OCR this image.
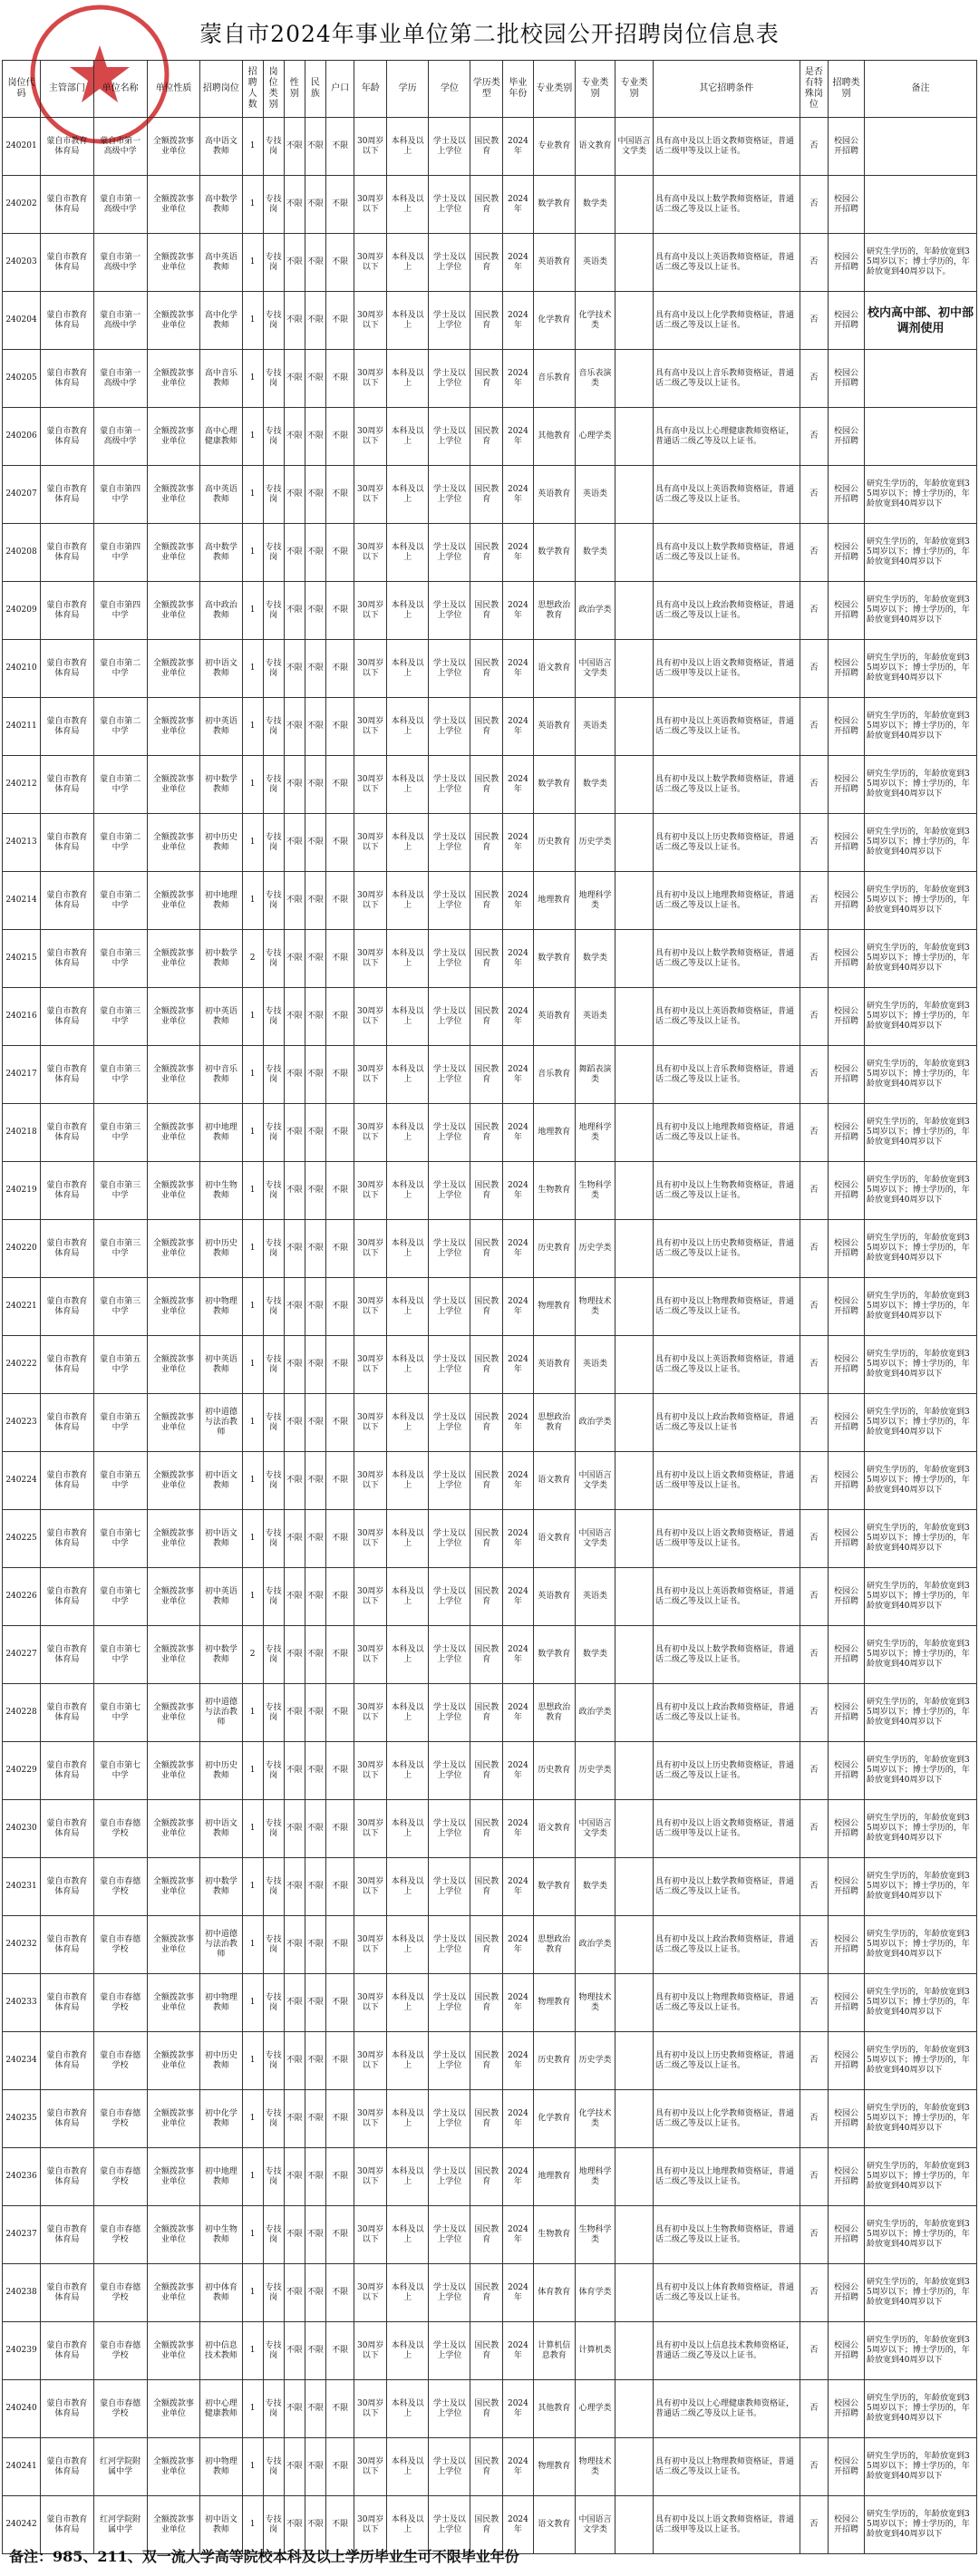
蒙自市2024年事业单位第二批校园公开招聘岗位信息表
岗位代码	主管部门	单位名称	单位性质	招聘岗位	招聘人数	岗位类别	性别	民族	户口	年龄	学历	学位	学历类型	毕业年份	专业类别	专业类别	专业类别	其它招聘条件	是否有特殊岗位	招聘类别	备注
240201	蒙自市教育体育局	蒙自市第一高级中学	全额拨款事业单位	高中语文教师	1	专技岗	不限	不限	不限	30周岁以下	本科及以上	学士及以上学位	国民教育	2024年	专业教育	语文教育	中国语言文学类	具有高中及以上语文教师资格证，普通话二级甲等及以上证书。	否	校园公开招聘	
240202	蒙自市教育体育局	蒙自市第一高级中学	全额拨款事业单位	高中数学教师	1	专技岗	不限	不限	不限	30周岁以下	本科及以上	学士及以上学位	国民教育	2024年	数学教育	数学类		具有高中及以上数学教师资格证，普通话二级乙等及以上证书。	否	校园公开招聘	
240203	蒙自市教育体育局	蒙自市第一高级中学	全额拨款事业单位	高中英语教师	1	专技岗	不限	不限	不限	30周岁以下	本科及以上	学士及以上学位	国民教育	2024年	英语教育	英语类		具有高中及以上英语教师资格证，普通话二级乙等及以上证书。	否	校园公开招聘	研究生学历的，年龄放宽到35周岁以下；博士学历的，年龄放宽到40周岁以下。
240204	蒙自市教育体育局	蒙自市第一高级中学	全额拨款事业单位	高中化学教师	1	专技岗	不限	不限	不限	30周岁以下	本科及以上	学士及以上学位	国民教育	2024年	化学教育	化学技术类		具有高中及以上化学教师资格证，普通话二级乙等及以上证书。	否	校园公开招聘	校内高中部、初中部调剂使用
240205	蒙自市教育体育局	蒙自市第一高级中学	全额拨款事业单位	高中音乐教师	1	专技岗	不限	不限	不限	30周岁以下	本科及以上	学士及以上学位	国民教育	2024年	音乐教育	音乐表演类		具有高中及以上音乐教师资格证，普通话二级乙等及以上证书。	否	校园公开招聘	
240206	蒙自市教育体育局	蒙自市第一高级中学	全额拨款事业单位	高中心理健康教师	1	专技岗	不限	不限	不限	30周岁以下	本科及以上	学士及以上学位	国民教育	2024年	其他教育	心理学类		具有高中及以上心理健康教师资格证，普通话二级乙等及以上证书。	否	校园公开招聘	
240207	蒙自市教育体育局	蒙自市第四中学	全额拨款事业单位	高中英语教师	1	专技岗	不限	不限	不限	30周岁以下	本科及以上	学士及以上学位	国民教育	2024年	英语教育	英语类		具有高中及以上英语教师资格证，普通话二级乙等及以上证书。	否	校园公开招聘	研究生学历的，年龄放宽到35周岁以下；博士学历的，年龄放宽到40周岁以下
240208	蒙自市教育体育局	蒙自市第四中学	全额拨款事业单位	高中数学教师	1	专技岗	不限	不限	不限	30周岁以下	本科及以上	学士及以上学位	国民教育	2024年	数学教育	数学类		具有高中及以上数学教师资格证，普通话二级乙等及以上证书。	否	校园公开招聘	研究生学历的，年龄放宽到35周岁以下；博士学历的，年龄放宽到40周岁以下
240209	蒙自市教育体育局	蒙自市第四中学	全额拨款事业单位	高中政治教师	1	专技岗	不限	不限	不限	30周岁以下	本科及以上	学士及以上学位	国民教育	2024年	思想政治教育	政治学类		具有高中及以上政治教师资格证，普通话二级乙等及以上证书。	否	校园公开招聘	研究生学历的，年龄放宽到35周岁以下；博士学历的，年龄放宽到40周岁以下
240210	蒙自市教育体育局	蒙自市第二中学	全额拨款事业单位	初中语文教师	1	专技岗	不限	不限	不限	30周岁以下	本科及以上	学士及以上学位	国民教育	2024年	语文教育	中国语言文学类		具有初中及以上语文教师资格证，普通话二级甲等及以上证书。	否	校园公开招聘	研究生学历的，年龄放宽到35周岁以下；博士学历的，年龄放宽到40周岁以下
240211	蒙自市教育体育局	蒙自市第二中学	全额拨款事业单位	初中英语教师	1	专技岗	不限	不限	不限	30周岁以下	本科及以上	学士及以上学位	国民教育	2024年	英语教育	英语类		具有初中及以上英语教师资格证，普通话二级乙等及以上证书。	否	校园公开招聘	研究生学历的，年龄放宽到35周岁以下；博士学历的，年龄放宽到40周岁以下
240212	蒙自市教育体育局	蒙自市第二中学	全额拨款事业单位	初中数学教师	1	专技岗	不限	不限	不限	30周岁以下	本科及以上	学士及以上学位	国民教育	2024年	数学教育	数学类		具有初中及以上数学教师资格证，普通话二级乙等及以上证书。	否	校园公开招聘	研究生学历的，年龄放宽到35周岁以下；博士学历的，年龄放宽到40周岁以下
240213	蒙自市教育体育局	蒙自市第二中学	全额拨款事业单位	初中历史教师	1	专技岗	不限	不限	不限	30周岁以下	本科及以上	学士及以上学位	国民教育	2024年	历史教育	历史学类		具有初中及以上历史教师资格证，普通话二级乙等及以上证书。	否	校园公开招聘	研究生学历的，年龄放宽到35周岁以下；博士学历的，年龄放宽到40周岁以下
240214	蒙自市教育体育局	蒙自市第二中学	全额拨款事业单位	初中地理教师	1	专技岗	不限	不限	不限	30周岁以下	本科及以上	学士及以上学位	国民教育	2024年	地理教育	地理科学类		具有初中及以上地理教师资格证，普通话二级乙等及以上证书。	否	校园公开招聘	研究生学历的，年龄放宽到35周岁以下；博士学历的，年龄放宽到40周岁以下
240215	蒙自市教育体育局	蒙自市第三中学	全额拨款事业单位	初中数学教师	2	专技岗	不限	不限	不限	30周岁以下	本科及以上	学士及以上学位	国民教育	2024年	数学教育	数学类		具有初中及以上数学教师资格证，普通话二级乙等及以上证书。	否	校园公开招聘	研究生学历的，年龄放宽到35周岁以下；博士学历的，年龄放宽到40周岁以下
240216	蒙自市教育体育局	蒙自市第三中学	全额拨款事业单位	初中英语教师	1	专技岗	不限	不限	不限	30周岁以下	本科及以上	学士及以上学位	国民教育	2024年	英语教育	英语类		具有初中及以上英语教师资格证，普通话二级乙等及以上证书。	否	校园公开招聘	研究生学历的，年龄放宽到35周岁以下；博士学历的，年龄放宽到40周岁以下
240217	蒙自市教育体育局	蒙自市第三中学	全额拨款事业单位	初中音乐教师	1	专技岗	不限	不限	不限	30周岁以下	本科及以上	学士及以上学位	国民教育	2024年	音乐教育	舞蹈表演类		具有初中及以上音乐教师资格证，普通话二级乙等及以上证书。	否	校园公开招聘	研究生学历的，年龄放宽到35周岁以下；博士学历的，年龄放宽到40周岁以下
240218	蒙自市教育体育局	蒙自市第三中学	全额拨款事业单位	初中地理教师	1	专技岗	不限	不限	不限	30周岁以下	本科及以上	学士及以上学位	国民教育	2024年	地理教育	地理科学类		具有初中及以上地理教师资格证，普通话二级乙等及以上证书。	否	校园公开招聘	研究生学历的，年龄放宽到35周岁以下；博士学历的，年龄放宽到40周岁以下
240219	蒙自市教育体育局	蒙自市第三中学	全额拨款事业单位	初中生物教师	1	专技岗	不限	不限	不限	30周岁以下	本科及以上	学士及以上学位	国民教育	2024年	生物教育	生物科学类		具有初中及以上生物教师资格证，普通话二级乙等及以上证书。	否	校园公开招聘	研究生学历的，年龄放宽到35周岁以下；博士学历的，年龄放宽到40周岁以下
240220	蒙自市教育体育局	蒙自市第三中学	全额拨款事业单位	初中历史教师	1	专技岗	不限	不限	不限	30周岁以下	本科及以上	学士及以上学位	国民教育	2024年	历史教育	历史学类		具有初中及以上历史教师资格证，普通话二级乙等及以上证书。	否	校园公开招聘	研究生学历的，年龄放宽到35周岁以下；博士学历的，年龄放宽到40周岁以下
240221	蒙自市教育体育局	蒙自市第三中学	全额拨款事业单位	初中物理教师	1	专技岗	不限	不限	不限	30周岁以下	本科及以上	学士及以上学位	国民教育	2024年	物理教育	物理技术类		具有初中及以上物理教师资格证，普通话二级乙等及以上证书。	否	校园公开招聘	研究生学历的，年龄放宽到35周岁以下；博士学历的，年龄放宽到40周岁以下
240222	蒙自市教育体育局	蒙自市第五中学	全额拨款事业单位	初中英语教师	1	专技岗	不限	不限	不限	30周岁以下	本科及以上	学士及以上学位	国民教育	2024年	英语教育	英语类		具有初中及以上英语教师资格证，普通话二级乙等及以上证书。	否	校园公开招聘	研究生学历的，年龄放宽到35周岁以下；博士学历的，年龄放宽到40周岁以下
240223	蒙自市教育体育局	蒙自市第五中学	全额拨款事业单位	初中道德与法治教师	1	专技岗	不限	不限	不限	30周岁以下	本科及以上	学士及以上学位	国民教育	2024年	思想政治教育	政治学类		具有初中及以上政治教师资格证，普通话二级乙等及以上证书	否	校园公开招聘	研究生学历的，年龄放宽到35周岁以下；博士学历的，年龄放宽到40周岁以下
240224	蒙自市教育体育局	蒙自市第五中学	全额拨款事业单位	初中语文教师	1	专技岗	不限	不限	不限	30周岁以下	本科及以上	学士及以上学位	国民教育	2024年	语文教育	中国语言文学类		具有初中及以上语文教师资格证，普通话二级甲等及以上证书。	否	校园公开招聘	研究生学历的，年龄放宽到35周岁以下；博士学历的，年龄放宽到40周岁以下
240225	蒙自市教育体育局	蒙自市第七中学	全额拨款事业单位	初中语文教师	1	专技岗	不限	不限	不限	30周岁以下	本科及以上	学士及以上学位	国民教育	2024年	语文教育	中国语言文学类		具有初中及以上语文教师资格证，普通话二级甲等及以上证书。	否	校园公开招聘	研究生学历的，年龄放宽到35周岁以下；博士学历的，年龄放宽到40周岁以下
240226	蒙自市教育体育局	蒙自市第七中学	全额拨款事业单位	初中英语教师	1	专技岗	不限	不限	不限	30周岁以下	本科及以上	学士及以上学位	国民教育	2024年	英语教育	英语类		具有初中及以上英语教师资格证，普通话二级乙等及以上证书。	否	校园公开招聘	研究生学历的，年龄放宽到35周岁以下；博士学历的，年龄放宽到40周岁以下
240227	蒙自市教育体育局	蒙自市第七中学	全额拨款事业单位	初中数学教师	2	专技岗	不限	不限	不限	30周岁以下	本科及以上	学士及以上学位	国民教育	2024年	数学教育	数学类		具有初中及以上数学教师资格证，普通话二级乙等及以上证书。	否	校园公开招聘	研究生学历的，年龄放宽到35周岁以下；博士学历的，年龄放宽到40周岁以下
240228	蒙自市教育体育局	蒙自市第七中学	全额拨款事业单位	初中道德与法治教师	1	专技岗	不限	不限	不限	30周岁以下	本科及以上	学士及以上学位	国民教育	2024年	思想政治教育	政治学类		具有初中及以上政治教师资格证，普通话二级乙等及以上证书。	否	校园公开招聘	研究生学历的，年龄放宽到35周岁以下；博士学历的，年龄放宽到40周岁以下
240229	蒙自市教育体育局	蒙自市第七中学	全额拨款事业单位	初中历史教师	1	专技岗	不限	不限	不限	30周岁以下	本科及以上	学士及以上学位	国民教育	2024年	历史教育	历史学类		具有初中及以上历史教师资格证，普通话二级乙等及以上证书。	否	校园公开招聘	研究生学历的，年龄放宽到35周岁以下；博士学历的，年龄放宽到40周岁以下
240230	蒙自市教育体育局	蒙自市春德学校	全额拨款事业单位	初中语文教师	1	专技岗	不限	不限	不限	30周岁以下	本科及以上	学士及以上学位	国民教育	2024年	语文教育	中国语言文学类		具有初中及以上语文教师资格证，普通话二级甲等及以上证书。	否	校园公开招聘	研究生学历的，年龄放宽到35周岁以下；博士学历的，年龄放宽到40周岁以下
240231	蒙自市教育体育局	蒙自市春德学校	全额拨款事业单位	初中数学教师	1	专技岗	不限	不限	不限	30周岁以下	本科及以上	学士及以上学位	国民教育	2024年	数学教育	数学类		具有初中及以上数学教师资格证，普通话二级乙等及以上证书。	否	校园公开招聘	研究生学历的，年龄放宽到35周岁以下；博士学历的，年龄放宽到40周岁以下
240232	蒙自市教育体育局	蒙自市春德学校	全额拨款事业单位	初中道德与法治教师	1	专技岗	不限	不限	不限	30周岁以下	本科及以上	学士及以上学位	国民教育	2024年	思想政治教育	政治学类		具有初中及以上政治教师资格证，普通话二级乙等及以上证书。	否	校园公开招聘	研究生学历的，年龄放宽到35周岁以下；博士学历的，年龄放宽到40周岁以下
240233	蒙自市教育体育局	蒙自市春德学校	全额拨款事业单位	初中物理教师	1	专技岗	不限	不限	不限	30周岁以下	本科及以上	学士及以上学位	国民教育	2024年	物理教育	物理技术类		具有初中及以上物理教师资格证，普通话二级乙等及以上证书。	否	校园公开招聘	研究生学历的，年龄放宽到35周岁以下；博士学历的，年龄放宽到40周岁以下
240234	蒙自市教育体育局	蒙自市春德学校	全额拨款事业单位	初中历史教师	1	专技岗	不限	不限	不限	30周岁以下	本科及以上	学士及以上学位	国民教育	2024年	历史教育	历史学类		具有初中及以上历史教师资格证，普通话二级乙等及以上证书。	否	校园公开招聘	研究生学历的，年龄放宽到35周岁以下；博士学历的，年龄放宽到40周岁以下
240235	蒙自市教育体育局	蒙自市春德学校	全额拨款事业单位	初中化学教师	1	专技岗	不限	不限	不限	30周岁以下	本科及以上	学士及以上学位	国民教育	2024年	化学教育	化学技术类		具有初中及以上化学教师资格证，普通话二级乙等及以上证书。	否	校园公开招聘	研究生学历的，年龄放宽到35周岁以下；博士学历的，年龄放宽到40周岁以下
240236	蒙自市教育体育局	蒙自市春德学校	全额拨款事业单位	初中地理教师	1	专技岗	不限	不限	不限	30周岁以下	本科及以上	学士及以上学位	国民教育	2024年	地理教育	地理科学类		具有初中及以上地理教师资格证，普通话二级乙等及以上证书。	否	校园公开招聘	研究生学历的，年龄放宽到35周岁以下；博士学历的，年龄放宽到40周岁以下
240237	蒙自市教育体育局	蒙自市春德学校	全额拨款事业单位	初中生物教师	1	专技岗	不限	不限	不限	30周岁以下	本科及以上	学士及以上学位	国民教育	2024年	生物教育	生物科学类		具有初中及以上生物教师资格证，普通话二级乙等及以上证书。	否	校园公开招聘	研究生学历的，年龄放宽到35周岁以下；博士学历的，年龄放宽到40周岁以下
240238	蒙自市教育体育局	蒙自市春德学校	全额拨款事业单位	初中体育教师	1	专技岗	不限	不限	不限	30周岁以下	本科及以上	学士及以上学位	国民教育	2024年	体育教育	体育学类		具有初中及以上体育教师资格证，普通话二级乙等及以上证书。	否	校园公开招聘	研究生学历的，年龄放宽到35周岁以下；博士学历的，年龄放宽到40周岁以下
240239	蒙自市教育体育局	蒙自市春德学校	全额拨款事业单位	初中信息技术教师	1	专技岗	不限	不限	不限	30周岁以下	本科及以上	学士及以上学位	国民教育	2024年	计算机信息教育	计算机类		具有初中及以上信息技术教师资格证，普通话二级乙等及以上证书。	否	校园公开招聘	研究生学历的，年龄放宽到35周岁以下；博士学历的，年龄放宽到40周岁以下
240240	蒙自市教育体育局	蒙自市春德学校	全额拨款事业单位	初中心理健康教师	1	专技岗	不限	不限	不限	30周岁以下	本科及以上	学士及以上学位	国民教育	2024年	其他教育	心理学类		具有初中及以上心理健康教师资格证，普通话二级乙等及以上证书。	否	校园公开招聘	研究生学历的，年龄放宽到35周岁以下；博士学历的，年龄放宽到40周岁以下
240241	蒙自市教育体育局	红河学院附属中学	全额拨款事业单位	初中物理教师	1	专技岗	不限	不限	不限	30周岁以下	本科及以上	学士及以上学位	国民教育	2024年	物理教育	物理技术类		具有初中及以上物理教师资格证，普通话二级乙等及以上证书。	否	校园公开招聘	研究生学历的，年龄放宽到35周岁以下；博士学历的，年龄放宽到40周岁以下
240242	蒙自市教育体育局	红河学院附属中学	全额拨款事业单位	初中语文教师	1	专技岗	不限	不限	不限	30周岁以下	本科及以上	学士及以上学位	国民教育	2024年	语文教育	中国语言文学类		具有初中及以上语文教师资格证，普通话二级甲等及以上证书。	否	校园公开招聘	研究生学历的，年龄放宽到35周岁以下；博士学历的，年龄放宽到40周岁以下
备注：985、211、双一流大学高等院校本科及以上学历毕业生可不限毕业年份
